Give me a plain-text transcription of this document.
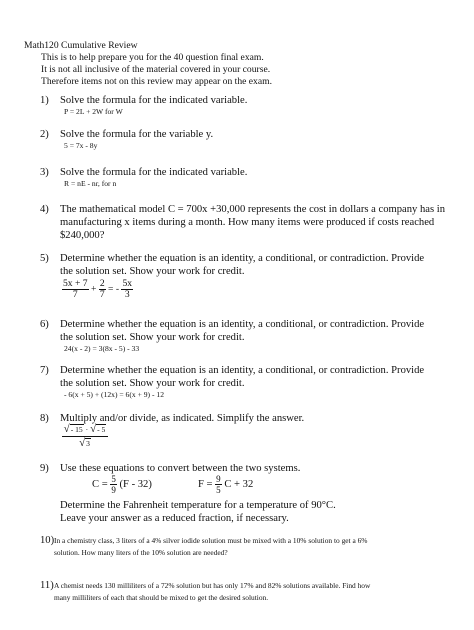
Math120 Cumulative Review
This is to help prepare you for the 40 question final exam.
It is not all inclusive of the material covered in your course.
Therefore items not on this review may appear on the exam.
1) Solve the formula for the indicated variable.
P = 2L + 2W for W
2) Solve the formula for the variable y.
5 = 7x - 8y
3) Solve the formula for the indicated variable.
R = nE - nr, for n
4) The mathematical model C = 700x +30,000 represents the cost in dollars a company has in
manufacturing x items during a month. How many items were produced if costs reached
$240,000?
5) Determine whether the equation is an identity, a conditional, or contradiction. Provide
the solution set. Show your work for credit.
$\frac{5x + 7}{7} + \frac{2}{7}$ = - $\frac{5x}{3}$
6) Determine whether the equation is an identity, a conditional, or contradiction. Provide
the solution set. Show your work for credit.
24(x - 2) = 3(8x - 5) - 33
7) Determine whether the equation is an identity, a conditional, or contradiction. Provide
the solution set. Show your work for credit.
- 6(x + 5) + (12x) = 6(x + 9) - 12
8) Multiply and/or divide, as indicated. Simplify the answer.
$\frac{√- 15 \cdot √- 5}{√3}$
9) Use these equations to convert between the two systems.
$C = \frac{5}{9} (F - 32)$	$F = \frac{9}{5}$ C + 32
Determine the Fahrenheit temperature for a temperature of 90°C.
Leave your answer as a reduced fraction, if necessary.
10)In a chemistry class, 3 liters of a 4% silver iodide solution must be mixed with a 10% solution to get a 6%
solution. How many liters of the 10% solution are needed?
11)A chemist needs 130 milliliters of a 72% solution but has only 17% and 82% solutions available. Find how
many milliliters of each that should be mixed to get the desired solution.
